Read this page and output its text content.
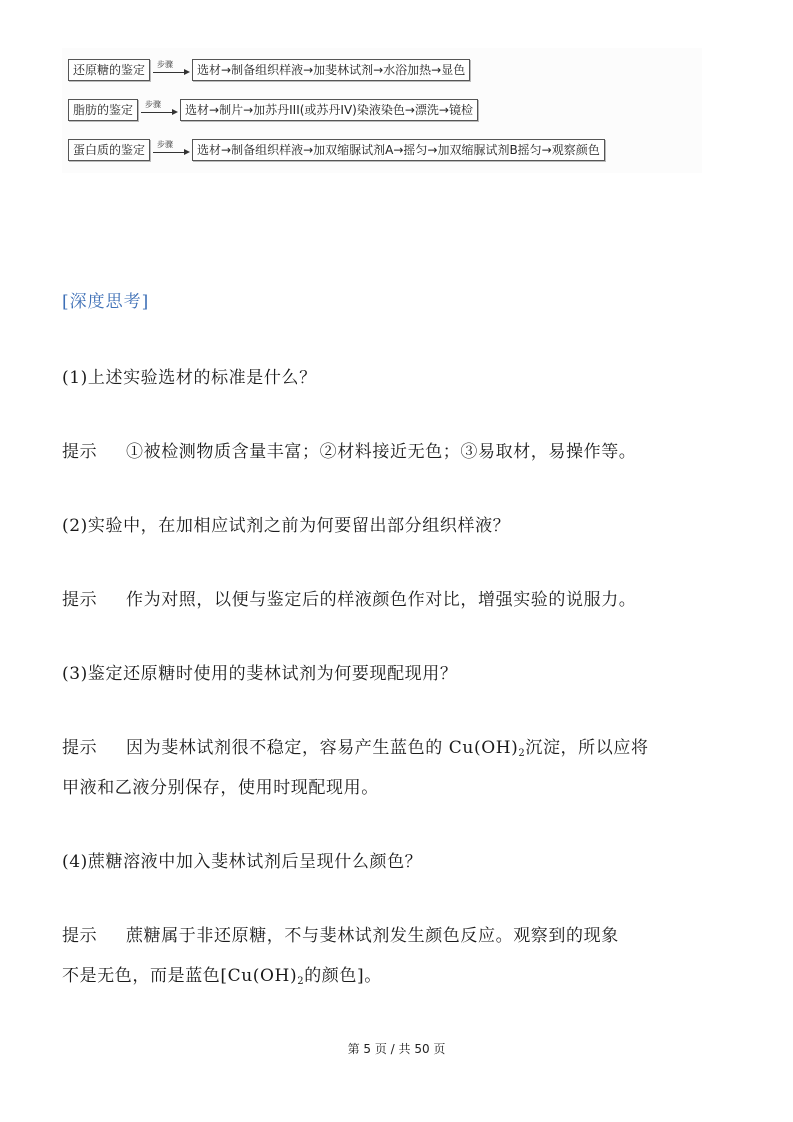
还原糖的鉴定	步骤	选材→制备组织样液→加斐林试剂→水浴加热→显色
脂肪的鉴定	步骤	选材→制片→加苏丹III(或苏丹IV)染液染色→漂洗→镜检
蛋白质的鉴定	步骤	选材→制备组织样液→加双缩脲试剂A→摇匀→加双缩脲试剂B摇匀→观察颜色
[深度思考]
(1)上述实验选材的标准是什么？
提示 ①被检测物质含量丰富；②材料接近无色；③易取材，易操作等。
(2)实验中，在加相应试剂之前为何要留出部分组织样液？
提示 作为对照，以便与鉴定后的样液颜色作对比，增强实验的说服力。
(3)鉴定还原糖时使用的斐林试剂为何要现配现用？
提示 因为斐林试剂很不稳定，容易产生蓝色的 $Cu(OH)_2$沉淀，所以应将
甲液和乙液分别保存，使用时现配现用。
(4)蔗糖溶液中加入斐林试剂后呈现什么颜色？
提示 蔗糖属于非还原糖，不与斐林试剂发生颜色反应。观察到的现象
不是无色，而是蓝色[$Cu(OH)_2$的颜色]。
第 5 页 / 共 50 页
